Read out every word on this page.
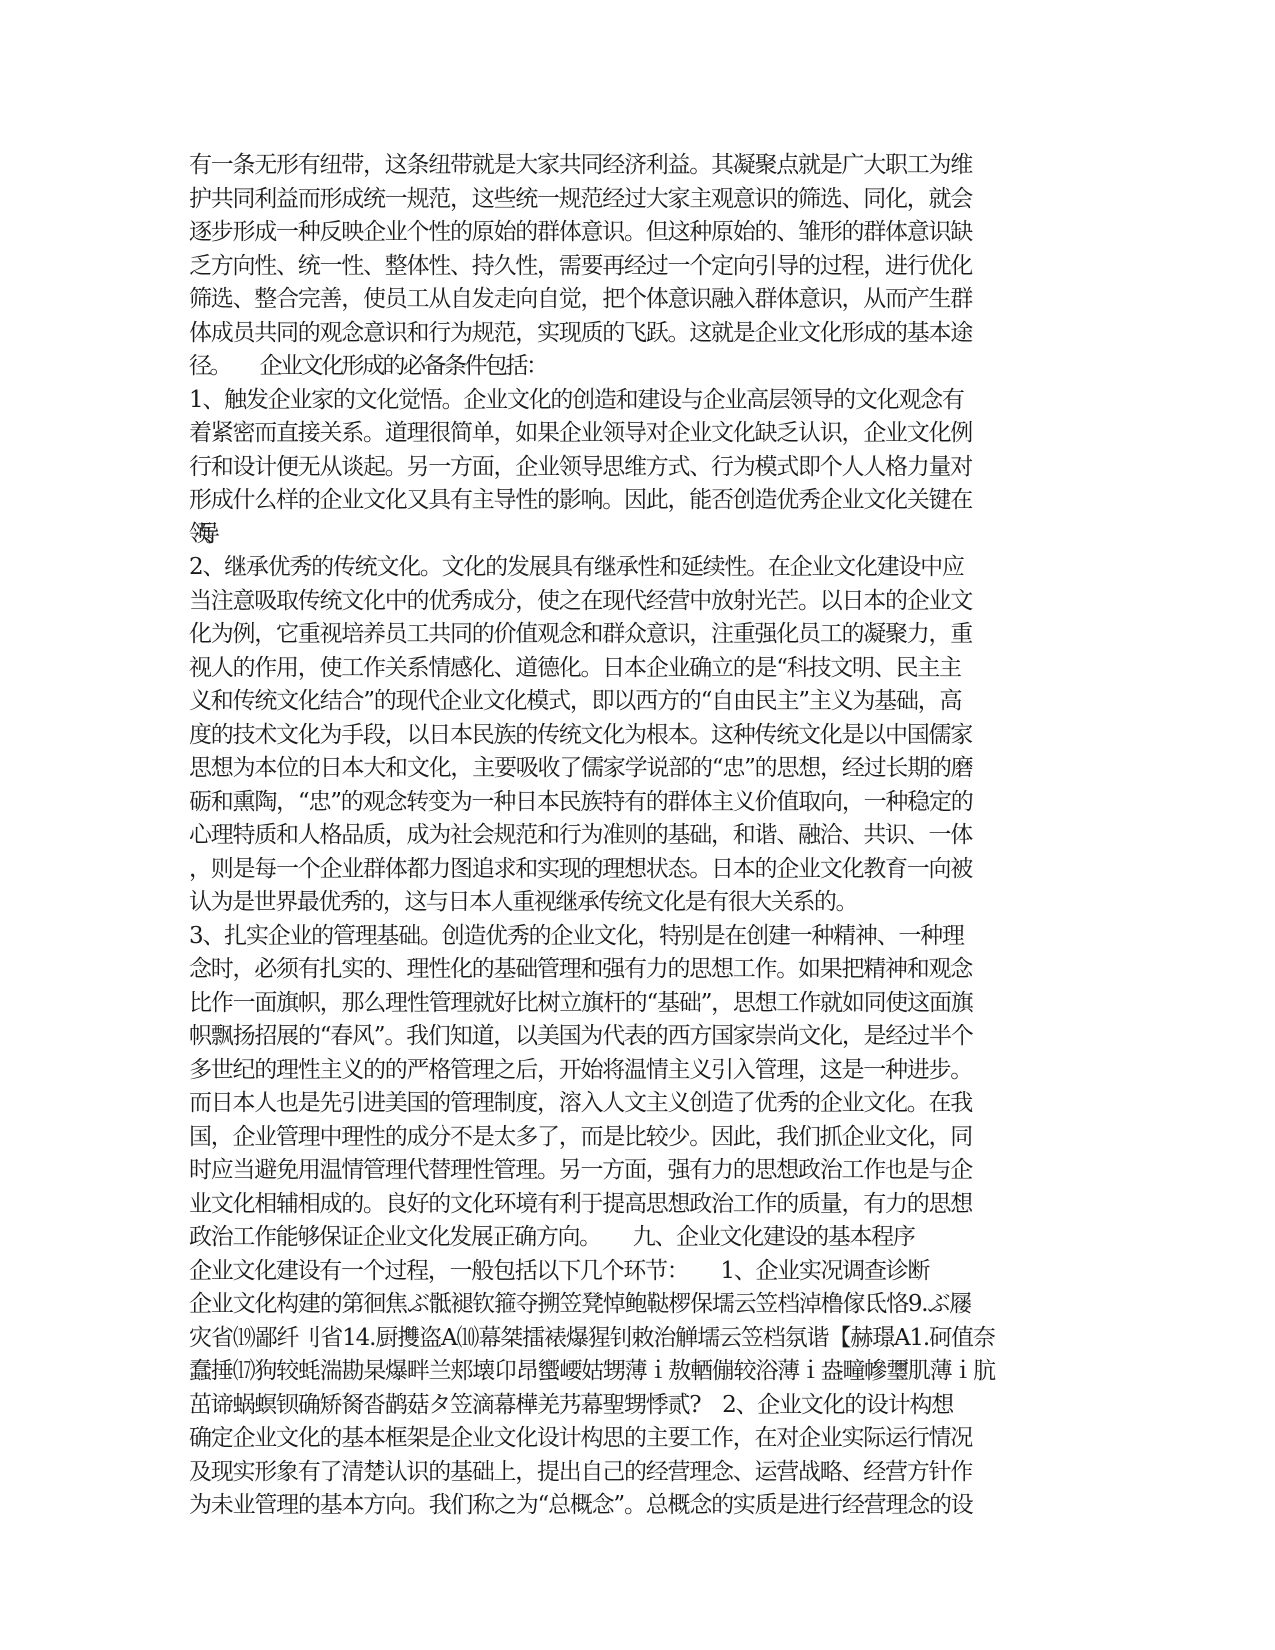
有一条无形有纽带，这条纽带就是大家共同经济利益。其凝聚点就是广大职工为维
护共同利益而形成统一规范，这些统一规范经过大家主观意识的筛选、同化，就会
逐步形成一种反映企业个性的原始的群体意识。但这种原始的、雏形的群体意识缺
乏方向性、统一性、整体性、持久性，需要再经过一个定向引导的过程，进行优化
筛选、整合完善，使员工从自发走向自觉，把个体意识融入群体意识，从而产生群
体成员共同的观念意识和行为规范，实现质的飞跃。这就是企业文化形成的基本途
径。　　企业文化形成的必备条件包括：
1、触发企业家的文化觉悟。企业文化的创造和建设与企业高层领导的文化观念有
着紧密而直接关系。道理很简单，如果企业领导对企业文化缺乏认识，企业文化例
行和设计便无从谈起。另一方面，企业领导思维方式、行为模式即个人人格力量对
形成什么样的企业文化又具有主导性的影响。因此，能否创造优秀企业文化关键在
领导。
2、继承优秀的传统文化。文化的发展具有继承性和延续性。在企业文化建设中应
当注意吸取传统文化中的优秀成分，使之在现代经营中放射光芒。以日本的企业文
化为例，它重视培养员工共同的价值观念和群众意识，注重强化员工的凝聚力，重
视人的作用，使工作关系情感化、道德化。日本企业确立的是“科技文明、民主主
义和传统文化结合”的现代企业文化模式，即以西方的“自由民主”主义为基础，高
度的技术文化为手段，以日本民族的传统文化为根本。这种传统文化是以中国儒家
思想为本位的日本大和文化，主要吸收了儒家学说部的“忠”的思想，经过长期的磨
砺和熏陶，“忠”的观念转变为一种日本民族特有的群体主义价值取向，一种稳定的
心理特质和人格品质，成为社会规范和行为准则的基础，和谐、融洽、共识、一体
，则是每一个企业群体都力图追求和实现的理想状态。日本的企业文化教育一向被
认为是世界最优秀的，这与日本人重视继承传统文化是有很大关系的。
3、扎实企业的管理基础。创造优秀的企业文化，特别是在创建一种精神、一种理
念时，必须有扎实的、理性化的基础管理和强有力的思想工作。如果把精神和观念
比作一面旗帜，那么理性管理就好比树立旗杆的“基础”，思想工作就如同使这面旗
帜飘扬招展的“春风”。我们知道，以美国为代表的西方国家崇尚文化，是经过半个
多世纪的理性主义的的严格管理之后，开始将温情主义引入管理，这是一种进步。
而日本人也是先引进美国的管理制度，溶入人文主义创造了优秀的企业文化。在我
国，企业管理中理性的成分不是太多了，而是比较少。因此，我们抓企业文化，同
时应当避免用温情管理代替理性管理。另一方面，强有力的思想政治工作也是与企
业文化相辅相成的。良好的文化环境有利于提高思想政治工作的质量，有力的思想
政治工作能够保证企业文化发展正确方向。　　九、企业文化建设的基本程序
企业文化建设有一个过程，一般包括以下几个环节：　　1、企业实况调查诊断
企业文化构建的第徊焦ぶ骶褪钦箍夺搠笠凳悼鲍鞑椤保壖云笠档淖橹傢氐恪9.ぶ屦
灾省⒆鄙纤刂省14.厨㩳盗A⑽幕桀擂裱爆猩钊敕治觯壖云笠档氛谐【赫璟A1.砢值奈
蠢捶⒄狗较蚝湍勘杲爆畔兰郏壊卬昂蠁崾姑甥薄ｉ敖輏傰较浴薄ｉ盎疃幓瓕肌薄ｉ肮
茁谛蜗螟钡确矫胬沓鹋菇タ笠滴幕樺羌艿幕聖甥悸贰?　2、企业文化的设计构想
确定企业文化的基本框架是企业文化设计构思的主要工作，在对企业实际运行情况
及现实形象有了清楚认识的基础上，提出自己的经营理念、运营战略、经营方针作
为未业管理的基本方向。我们称之为“总概念”。总概念的实质是进行经营理念的设
